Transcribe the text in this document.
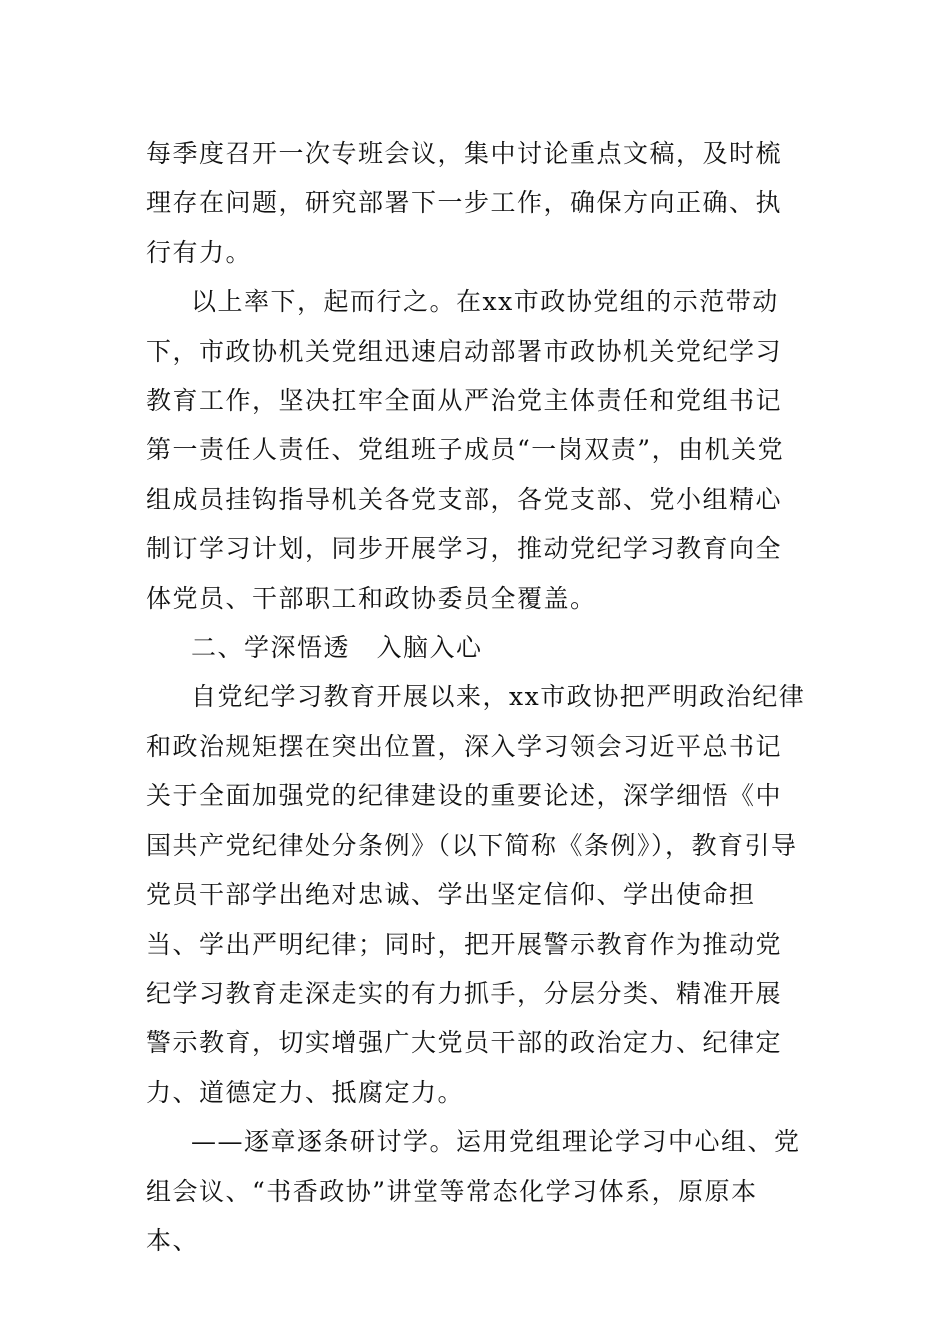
每季度召开一次专班会议，集中讨论重点文稿，及时梳理存在问题，研究部署下一步工作，确保方向正确、执行有力。

以上率下，起而行之。在xx市政协党组的示范带动下，市政协机关党组迅速启动部署市政协机关党纪学习教育工作，坚决扛牢全面从严治党主体责任和党组书记第一责任人责任、党组班子成员“一岗双责”，由机关党组成员挂钩指导机关各党支部，各党支部、党小组精心制订学习计划，同步开展学习，推动党纪学习教育向全体党员、干部职工和政协委员全覆盖。

二、学深悟透　入脑入心

自党纪学习教育开展以来，xx市政协把严明政治纪律和政治规矩摆在突出位置，深入学习领会习近平总书记关于全面加强党的纪律建设的重要论述，深学细悟《中国共产党纪律处分条例》（以下简称《条例》），教育引导党员干部学出绝对忠诚、学出坚定信仰、学出使命担当、学出严明纪律；同时，把开展警示教育作为推动党纪学习教育走深走实的有力抓手，分层分类、精准开展警示教育，切实增强广大党员干部的政治定力、纪律定力、道德定力、抵腐定力。

——逐章逐条研讨学。运用党组理论学习中心组、党组会议、“书香政协”讲堂等常态化学习体系，原原本本、
